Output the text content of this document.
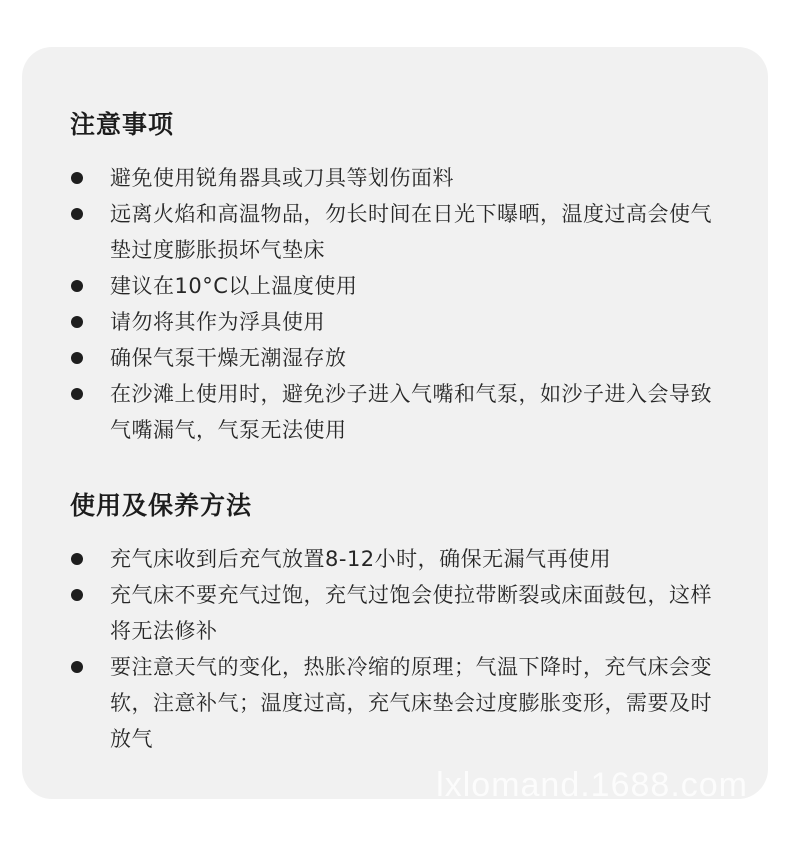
注意事项
避免使用锐角器具或刀具等划伤面料
远离火焰和高温物品，勿长时间在日光下曝晒，温度过高会使气垫过度膨胀损坏气垫床
建议在10°C以上温度使用
请勿将其作为浮具使用
确保气泵干燥无潮湿存放
在沙滩上使用时，避免沙子进入气嘴和气泵，如沙子进入会导致气嘴漏气，气泵无法使用
使用及保养方法
充气床收到后充气放置8-12小时，确保无漏气再使用
充气床不要充气过饱，充气过饱会使拉带断裂或床面鼓包，这样将无法修补
要注意天气的变化，热胀冷缩的原理；气温下降时，充气床会变软，注意补气；温度过高，充气床垫会过度膨胀变形，需要及时放气
lxlomand.1688.com
